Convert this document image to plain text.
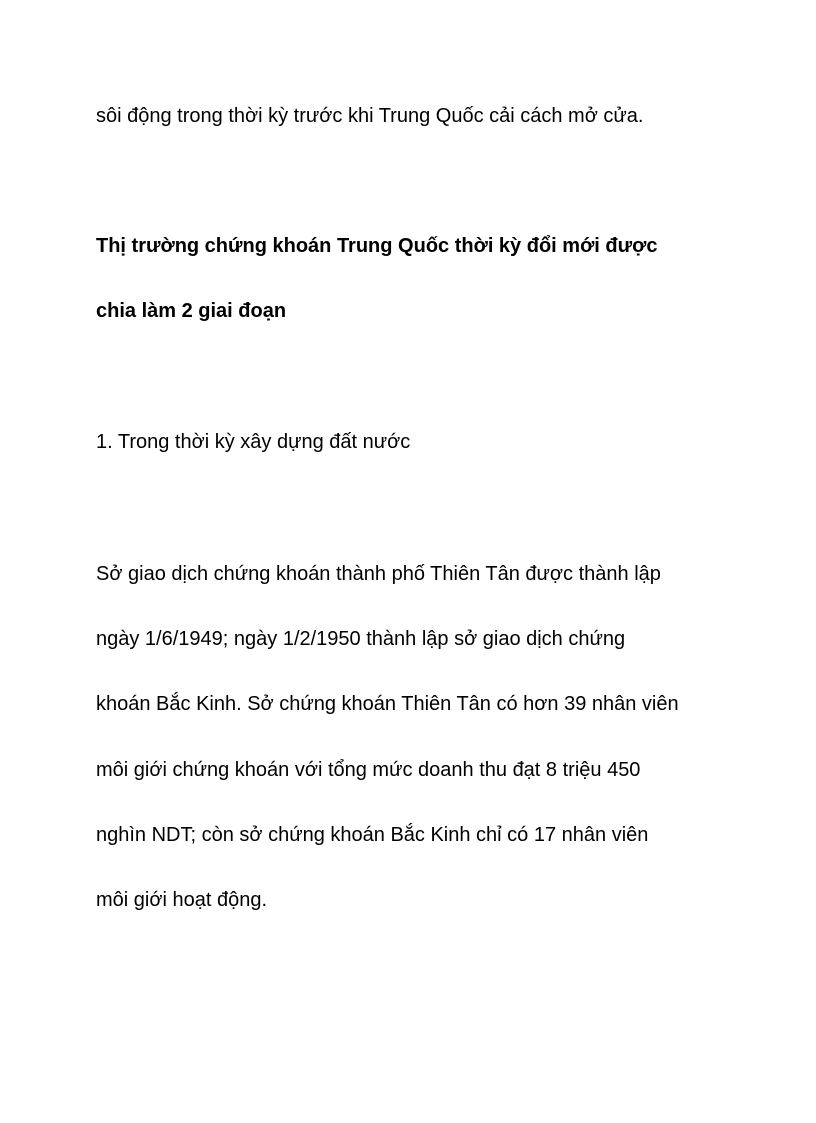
sôi động trong thời kỳ trước khi Trung Quốc cải cách mở cửa.
Thị trường chứng khoán Trung Quốc thời kỳ đổi mới được
chia làm 2 giai đoạn
1. Trong thời kỳ xây dựng đất nước
Sở giao dịch chứng khoán thành phố Thiên Tân được thành lập
ngày 1/6/1949; ngày 1/2/1950 thành lập sở giao dịch chứng
khoán Bắc Kinh. Sở chứng khoán Thiên Tân có hơn 39 nhân viên
môi giới chứng khoán với tổng mức doanh thu đạt 8 triệu 450
nghìn NDT; còn sở chứng khoán Bắc Kinh chỉ có 17 nhân viên
môi giới hoạt động.
